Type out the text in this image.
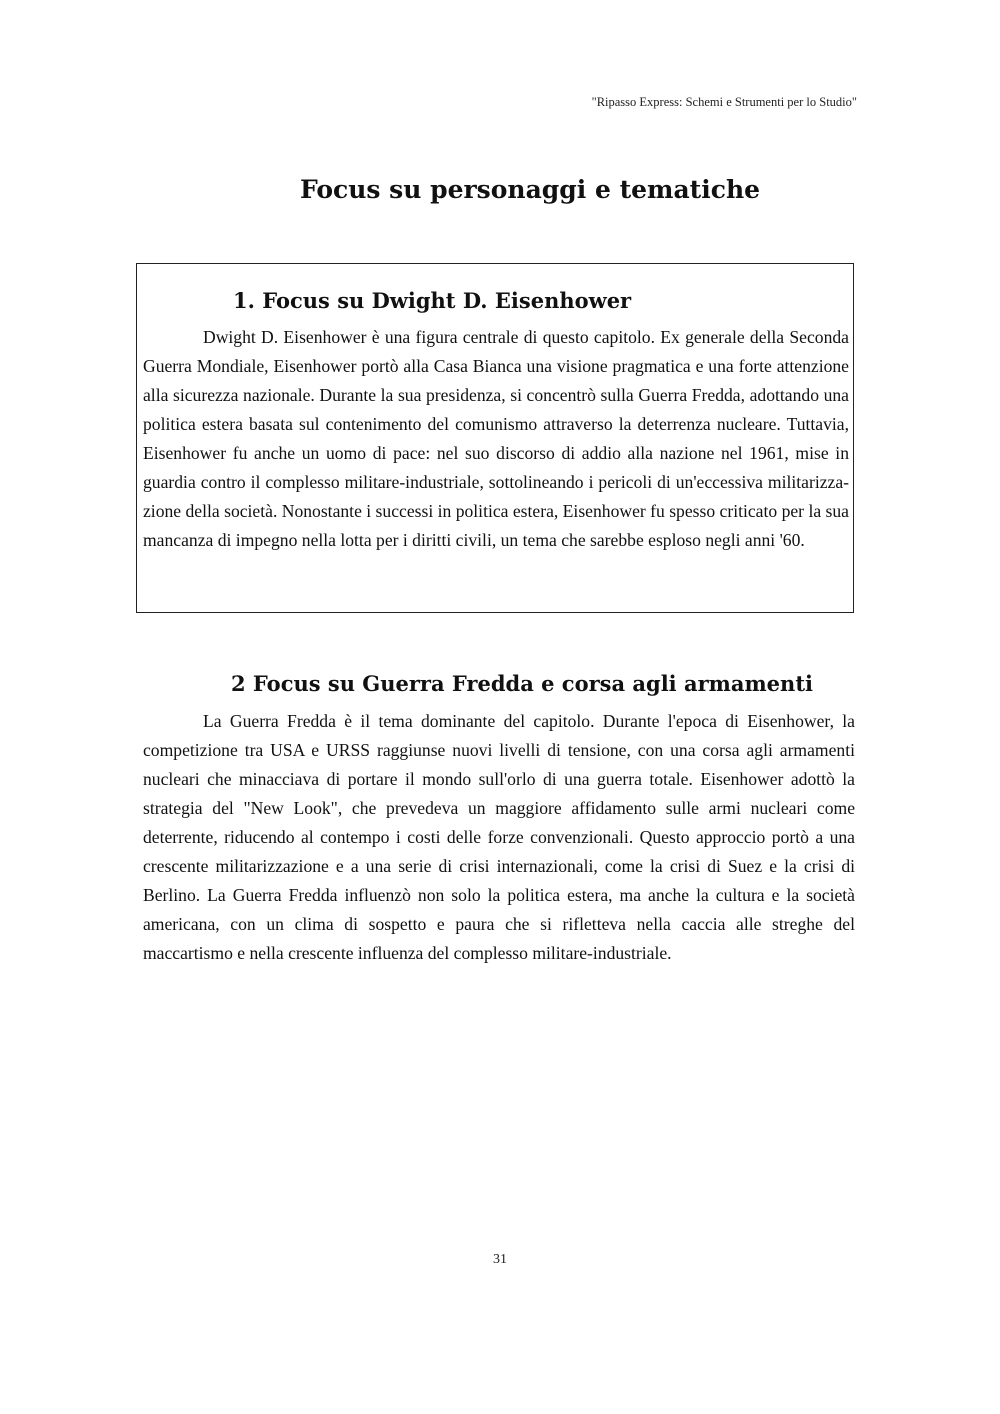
"Ripasso Express: Schemi e Strumenti per lo Studio"
Focus su personaggi e tematiche
1. Focus su Dwight D. Eisenhower

Dwight D. Eisenhower è una figura centrale di questo capitolo. Ex generale della Seconda Guerra Mondiale, Eisenhower portò alla Casa Bianca una visione pragmatica e una forte attenzione alla sicurezza nazionale. Durante la sua presidenza, si concentrò sulla Guerra Fredda, adottando una politica estera basata sul contenimento del comunismo attraverso la deterrenza nucleare. Tuttavia, Eisenhower fu anche un uomo di pace: nel suo discorso di addio alla nazione nel 1961, mise in guardia contro il complesso militare-industriale, sottolineando i pericoli di un'eccessiva militarizzazione della società. Nonostante i successi in politica estera, Eisenhower fu spesso criticato per la sua mancanza di impegno nella lotta per i diritti civili, un tema che sarebbe esploso negli anni '60.

2 Focus su Guerra Fredda e corsa agli armamenti

La Guerra Fredda è il tema dominante del capitolo. Durante l'epoca di Eisenhower, la competizione tra USA e URSS raggiunse nuovi livelli di tensione, con una corsa agli armamenti nucleari che minacciava di portare il mondo sull'orlo di una guerra totale. Eisenhower adottò la strategia del "New Look", che prevedeva un maggiore affidamento sulle armi nucleari come deterrente, riducendo al contempo i costi delle forze convenzionali. Questo approccio portò a una crescente militarizzazione e a una serie di crisi internazionali, come la crisi di Suez e la crisi di Berlino. La Guerra Fredda influenzò non solo la politica estera, ma anche la cultura e la società americana, con un clima di sospetto e paura che si rifletteva nella caccia alle streghe del maccartismo e nella crescente influenza del complesso militare-industriale.

31
